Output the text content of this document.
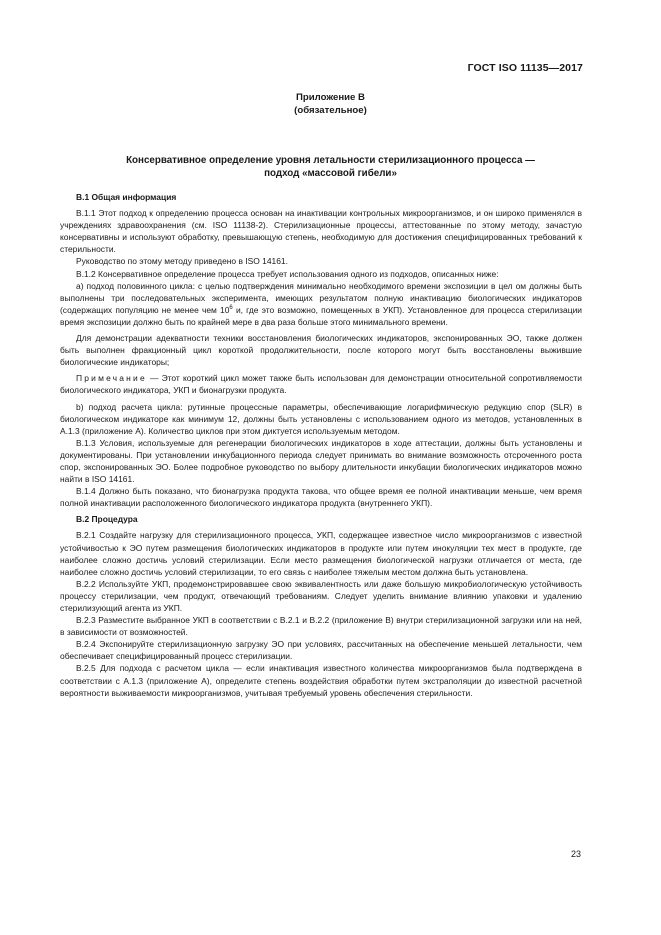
ГОСТ ISO 11135—2017
Приложение В
(обязательное)
Консервативное определение уровня летальности стерилизационного процесса —
подход «массовой гибели»

В.1 Общая информация

В.1.1 Этот подход к определению процесса основан на инактивации контрольных микроорганизмов, и он широко применялся в учреждениях здравоохранения (см. ISO 11138-2). Стерилизационные процессы, аттестованные по этому методу, зачастую консервативны и используют обработку, превышающую степень, необходимую для достижения специфицированных требований к стерильности.

Руководство по этому методу приведено в ISO 14161.

В.1.2 Консервативное определение процесса требует использования одного из подходов, описанных ниже:

а) подход половинного цикла: с целью подтверждения минимально необходимого времени экспозиции в цел ом должны быть выполнены три последовательных эксперимента, имеющих результатом полную инактивацию биологических индикаторов (содержащих популяцию не менее чем $10^6$ и, где это возможно, помещенных в УКП). Установленное для процесса стерилизации время экспозиции должно быть по крайней мере в два раза больше этого минимального времени.

Для демонстрации адекватности техники восстановления биологических индикаторов, экспонированных ЭО, также должен быть выполнен фракционный цикл короткой продолжительности, после которого могут быть восстановлены выжившие биологические индикаторы;

Примечание — Этот короткий цикл может также быть использован для демонстрации относительной сопротивляемости биологического индикатора, УКП и бионагрузки продукта.

b) подход расчета цикла: рутинные процессные параметры, обеспечивающие логарифмическую редукцию спор (SLR) в биологическом индикаторе как минимум 12, должны быть установлены с использованием одного из методов, установленных в А.1.3 (приложение А). Количество циклов при этом диктуется используемым методом.

В.1.3 Условия, используемые для регенерации биологических индикаторов в ходе аттестации, должны быть установлены и документированы. При установлении инкубационного периода следует принимать во внимание возможность отсроченного роста спор, экспонированных ЭО. Более подробное руководство по выбору длительности инкубации биологических индикаторов можно найти в ISO 14161.

В.1.4 Должно быть показано, что бионагрузка продукта такова, что общее время ее полной инактивации меньше, чем время полной инактивации расположенного биологического индикатора продукта (внутреннего УКП).

В.2 Процедура

В.2.1 Создайте нагрузку для стерилизационного процесса, УКП, содержащее известное число микроорганизмов с известной устойчивостью к ЭО путем размещения биологических индикаторов в продукте или путем инокуляции тех мест в продукте, где наиболее сложно достичь условий стерилизации. Если место размещения биологической нагрузки отличается от места, где наиболее сложно достичь условий стерилизации, то его связь с наиболее тяжелым местом должна быть установлена.

В.2.2 Используйте УКП, продемонстрировавшее свою эквивалентность или даже большую микробиологическую устойчивость процессу стерилизации, чем продукт, отвечающий требованиям. Следует уделить внимание влиянию упаковки и удалению стерилизующий агента из УКП.

В.2.3 Разместите выбранное УКП в соответствии с В.2.1 и В.2.2 (приложение В) внутри стерилизационной загрузки или на ней, в зависимости от возможностей.

В.2.4 Экспонируйте стерилизационную загрузку ЭО при условиях, рассчитанных на обеспечение меньшей летальности, чем обеспечивает специфицированный процесс стерилизации.

В.2.5 Для подхода с расчетом цикла — если инактивация известного количества микроорганизмов была подтверждена в соответствии с А.1.3 (приложение А), определите степень воздействия обработки путем экстраполяции до известной расчетной вероятности выживаемости микроорганизмов, учитывая требуемый уровень обеспечения стерильности.

23
